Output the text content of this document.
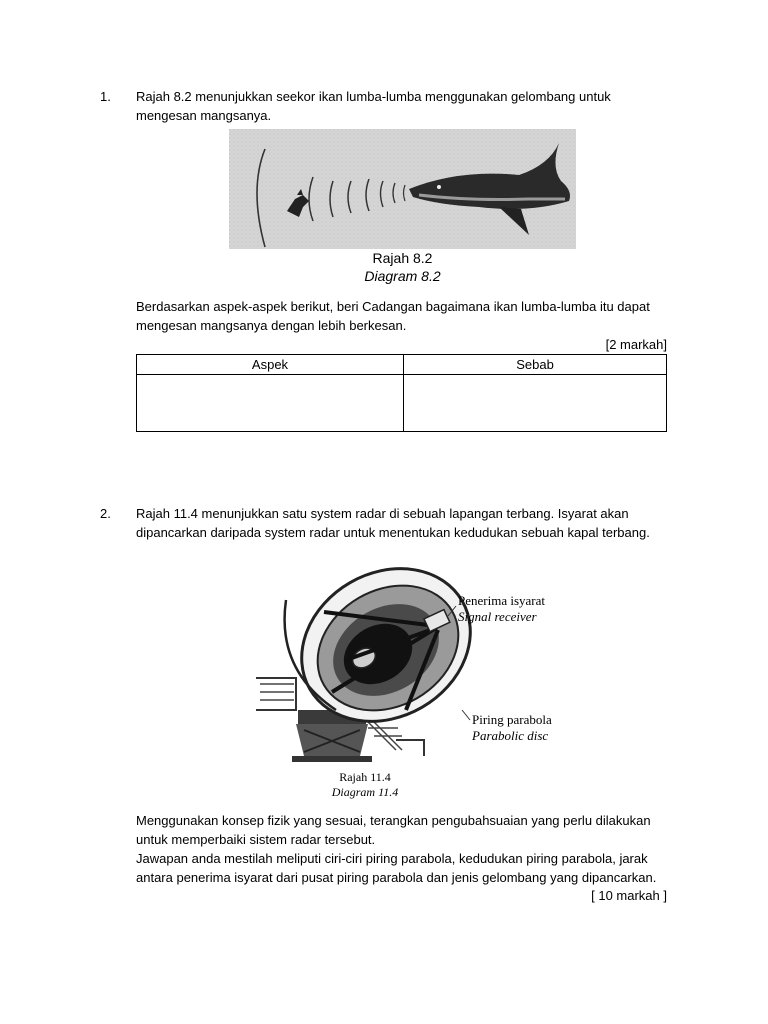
1. Rajah 8.2 menunjukkan seekor ikan lumba-lumba menggunakan gelombang untuk
mengesan mangsanya.
Rajah 8.2
Diagram 8.2
Berdasarkan aspek-aspek berikut, beri Cadangan bagaimana ikan lumba-lumba itu dapat
mengesan mangsanya dengan lebih berkesan.
[2 markah]
Aspek	Sebab

2. Rajah 11.4 menunjukkan satu system radar di sebuah lapangan terbang. Isyarat akan
dipancarkan daripada system radar untuk menentukan kedudukan sebuah kapal terbang.
Penerima isyarat
Signal receiver
Piring parabola
Parabolic disc
Rajah 11.4
Diagram 11.4
Menggunakan konsep fizik yang sesuai, terangkan pengubahsuaian yang perlu dilakukan
untuk memperbaiki sistem radar tersebut.
Jawapan anda mestilah meliputi ciri-ciri piring parabola, kedudukan piring parabola, jarak
antara penerima isyarat dari pusat piring parabola dan jenis gelombang yang dipancarkan.
[ 10 markah ]
